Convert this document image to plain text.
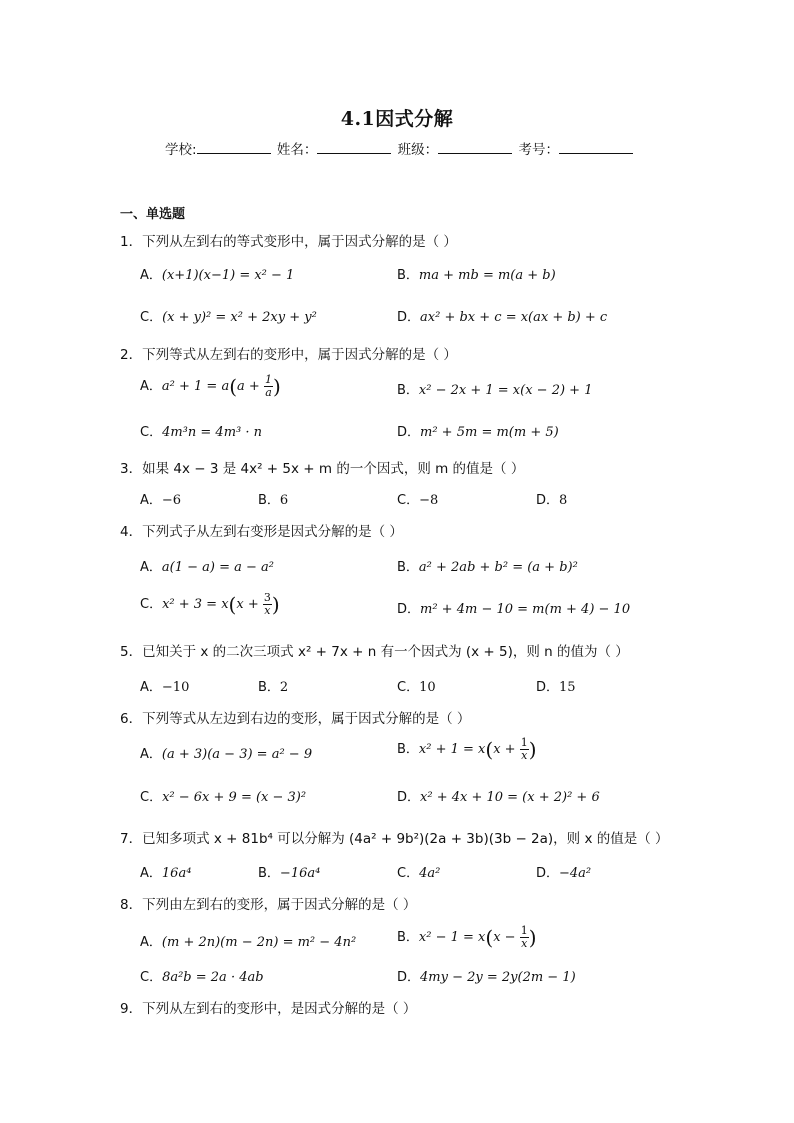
4.1因式分解
学校:	姓名：	班级：	考号：
一、单选题
1．下列从左到右的等式变形中，属于因式分解的是（ ）
A．(x+1)(x−1) = x² − 1	B．ma + mb = m(a + b)
C．(x + y)² = x² + 2xy + y²	D．ax² + bx + c = x(ax + b) + c
2．下列等式从左到右的变形中，属于因式分解的是（ ）
A．$a^2 + 1 = a(a + \frac{1}{a}$ )	B．x² − 2x + 1 = x(x − 2) + 1
C．4m³n = 4m³ · n	D．m² + 5m = m(m + 5)
3．如果 4x − 3 是 4x² + 5x + m 的一个因式，则 m 的值是（ ）
A．−6	B．6	C．−8	D．8
4．下列式子从左到右变形是因式分解的是（ ）
A．a(1 − a) = a − a²	B．a² + 2ab + b² = (a + b)²
C．$x^2 + 3 = x(x + \frac{3}{x}$ )	D．m² + 4m − 10 = m(m + 4) − 10
5．已知关于 x 的二次三项式 x² + 7x + n 有一个因式为 (x + 5)，则 n 的值为（ ）
A．−10	B．2	C．10	D．15
6．下列等式从左边到右边的变形，属于因式分解的是（ ）
A．(a + 3)(a − 3) = a² − 9	B．$x^2 + 1 = x(x + \frac{1}{x}$ )
C．x² − 6x + 9 = (x − 3)²	D．x² + 4x + 10 = (x + 2)² + 6
7．已知多项式 x + 81b⁴ 可以分解为 (4a² + 9b²)(2a + 3b)(3b − 2a)，则 x 的值是（ ）
A．16a⁴	B．−16a⁴	C．4a²	D．−4a²
8．下列由左到右的变形，属于因式分解的是（ ）
A．(m + 2n)(m − 2n) = m² − 4n²	B．$x^2 - 1 = x(x - \frac{1}{x}$ )
C．8a²b = 2a · 4ab	D．4my − 2y = 2y(2m − 1)
9．下列从左到右的变形中，是因式分解的是（ ）
